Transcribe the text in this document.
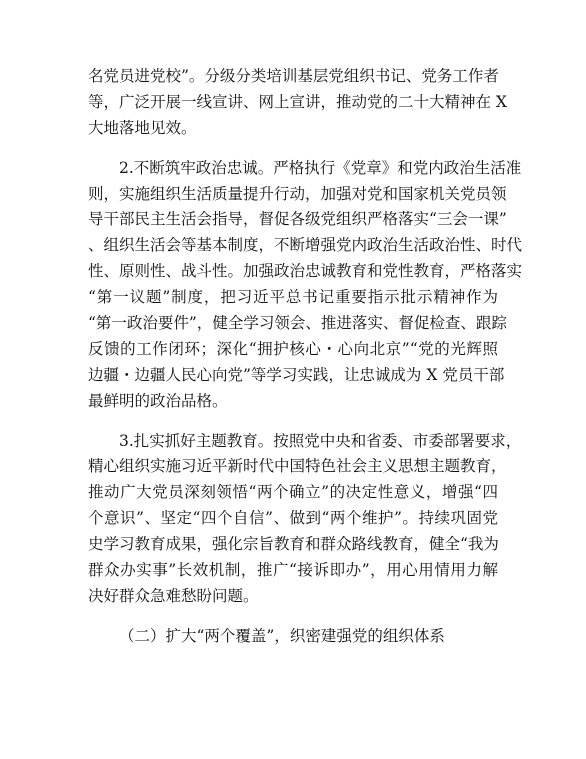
名党员进党校”。分级分类培训基层党组织书记、党务工作者
等，广泛开展一线宣讲、网上宣讲，推动党的二十大精神在 X
大地落地见效。
2.不断筑牢政治忠诚。严格执行《党章》和党内政治生活准
则，实施组织生活质量提升行动，加强对党和国家机关党员领
导干部民主生活会指导，督促各级党组织严格落实“三会一课”
、组织生活会等基本制度，不断增强党内政治生活政治性、时代
性、原则性、战斗性。加强政治忠诚教育和党性教育，严格落实
“第一议题”制度，把习近平总书记重要指示批示精神作为
“第一政治要件”，健全学习领会、推进落实、督促检查、跟踪
反馈的工作闭环；深化“拥护核心・心向北京”“党的光辉照
边疆・边疆人民心向党”等学习实践，让忠诚成为 X 党员干部
最鲜明的政治品格。
3.扎实抓好主题教育。按照党中央和省委、市委部署要求，
精心组织实施习近平新时代中国特色社会主义思想主题教育，
推动广大党员深刻领悟“两个确立”的决定性意义，增强“四
个意识”、坚定“四个自信”、做到“两个维护”。持续巩固党
史学习教育成果，强化宗旨教育和群众路线教育，健全“我为
群众办实事”长效机制，推广“接诉即办”，用心用情用力解
决好群众急难愁盼问题。
（二）扩大“两个覆盖”，织密建强党的组织体系
